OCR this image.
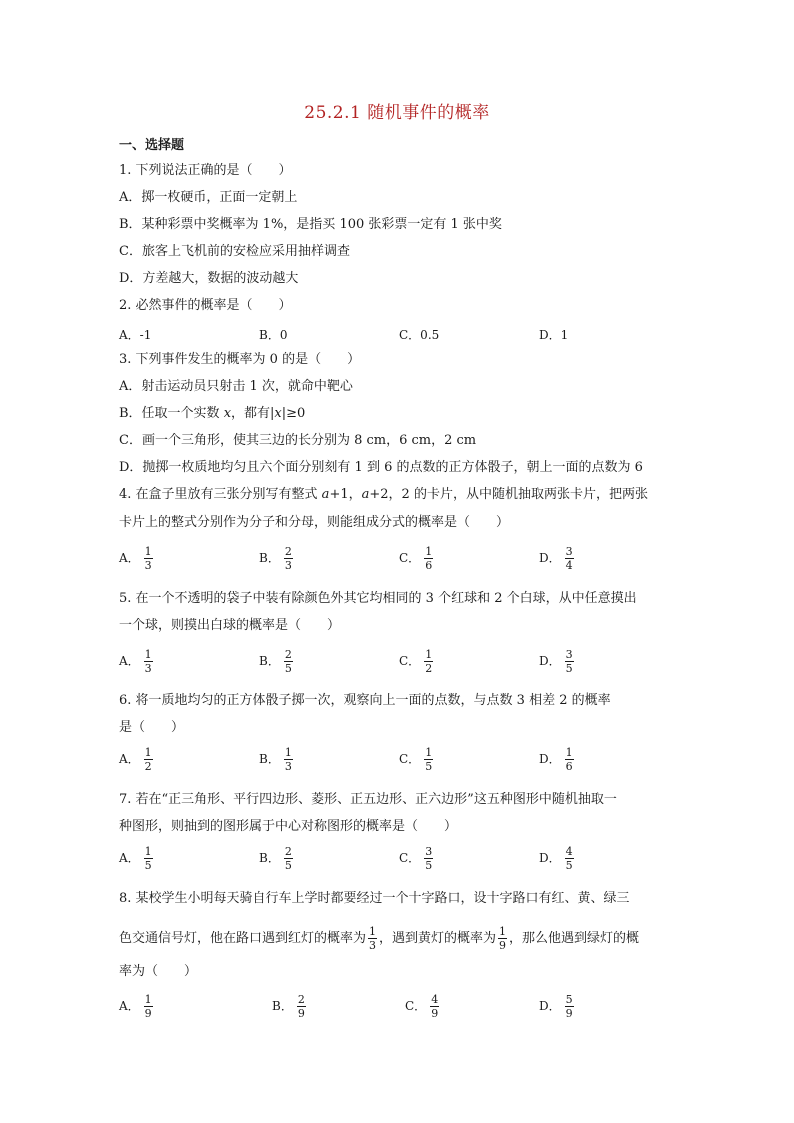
25.2.1 随机事件的概率
一、选择题
1. 下列说法正确的是（　　）
A．掷一枚硬币，正面一定朝上
B．某种彩票中奖概率为 1%，是指买 100 张彩票一定有 1 张中奖
C．旅客上飞机前的安检应采用抽样调查
D．方差越大，数据的波动越大
2. 必然事件的概率是（　　）
A．-1	B．0	C．0.5	D．1
3. 下列事件发生的概率为 0 的是（　　）
A．射击运动员只射击 1 次，就命中靶心
B．任取一个实数 x，都有|x|≥0
C．画一个三角形，使其三边的长分别为 8 cm，6 cm，2 cm
D．抛掷一枚质地均匀且六个面分别刻有 1 到 6 的点数的正方体骰子，朝上一面的点数为 6
4. 在盒子里放有三张分别写有整式 a+1，a+2，2 的卡片，从中随机抽取两张卡片，把两张
卡片上的整式分别作为分子和分母，则能组成分式的概率是（　　）
A． $\frac{1}{3}$	B． $\frac{2}{3}$	C． $\frac{1}{6}$	D． $\frac{3}{4}$
5. 在一个不透明的袋子中装有除颜色外其它均相同的 3 个红球和 2 个白球，从中任意摸出
一个球，则摸出白球的概率是（　　）
A． $\frac{1}{3}$	B． $\frac{2}{5}$	C． $\frac{1}{2}$	D． $\frac{3}{5}$
6. 将一质地均匀的正方体骰子掷一次，观察向上一面的点数，与点数 3 相差 2 的概率
是（　　）
A． $\frac{1}{2}$	B． $\frac{1}{3}$	C． $\frac{1}{5}$	D． $\frac{1}{6}$
7. 若在“正三角形、平行四边形、菱形、正五边形、正六边形”这五种图形中随机抽取一
种图形，则抽到的图形属于中心对称图形的概率是（　　）
A． $\frac{1}{5}$	B． $\frac{2}{5}$	C． $\frac{3}{5}$	D． $\frac{4}{5}$
8. 某校学生小明每天骑自行车上学时都要经过一个十字路口，设十字路口有红、黄、绿三
色交通信号灯，他在路口遇到红灯的概率为 $\frac{1}{3}$ ，遇到黄灯的概率为 $\frac{1}{9}$ ，那么他遇到绿灯的概
率为（　　）
A． $\frac{1}{9}$	B． $\frac{2}{9}$	C． $\frac{4}{9}$	D． $\frac{5}{9}$
